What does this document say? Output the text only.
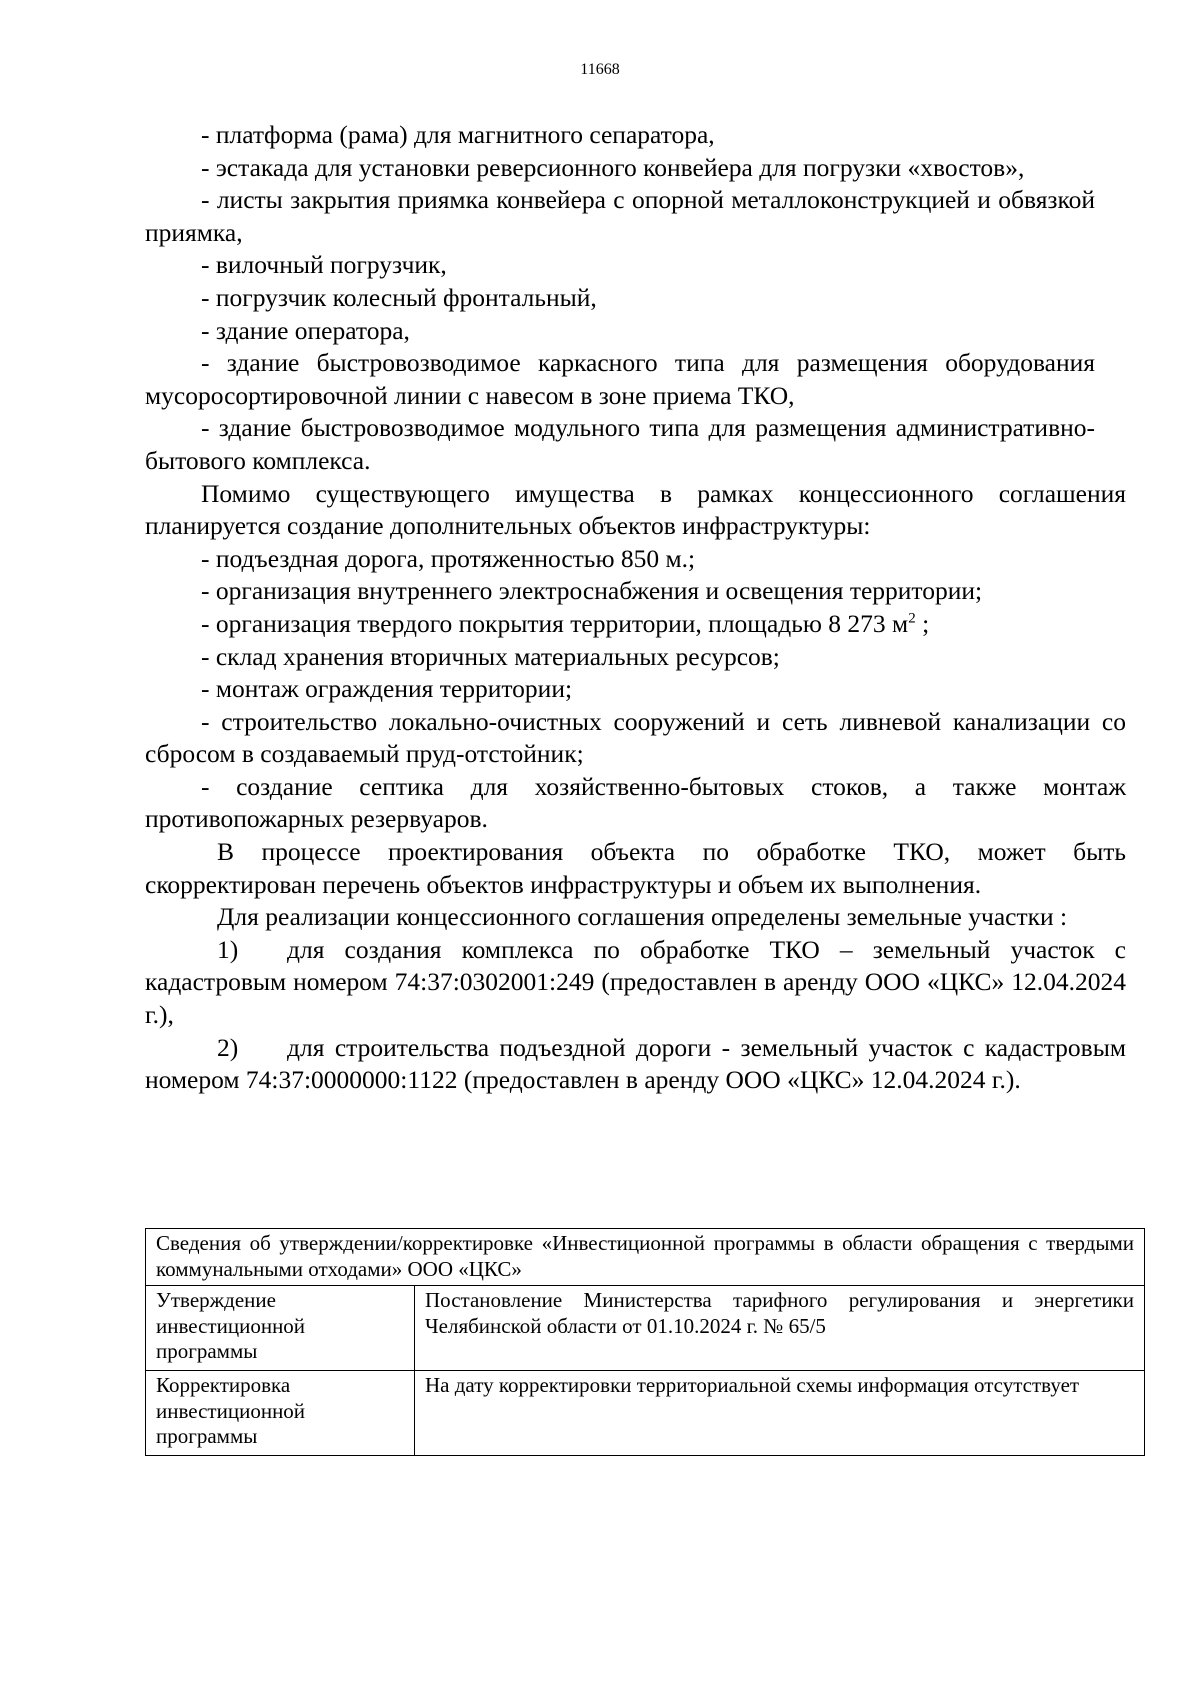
11668

- платформа (рама) для магнитного сепаратора,

- эстакада для установки реверсионного конвейера для погрузки «хвостов»,

- листы закрытия приямка конвейера с опорной металлоконструкцией и обвязкой приямка,

- вилочный погрузчик,

- погрузчик колесный фронтальный,

- здание оператора,

- здание быстровозводимое каркасного типа для размещения оборудования мусоросортировочной линии с навесом в зоне приема ТКО,

- здание быстровозводимое модульного типа для размещения административно-бытового комплекса.

Помимо существующего имущества в рамках концессионного соглашения планируется создание дополнительных объектов инфраструктуры:

- подъездная дорога, протяженностью 850 м.;

- организация внутреннего электроснабжения и освещения территории;

- организация твердого покрытия территории, площадью 8 273 $м^2$ ;

- склад хранения вторичных материальных ресурсов;

- монтаж ограждения территории;

- строительство локально-очистных сооружений и сеть ливневой канализации со сбросом в создаваемый пруд-отстойник;

- создание септика для хозяйственно-бытовых стоков, а также монтаж противопожарных резервуаров.

В процессе проектирования объекта по обработке ТКО, может быть скорректирован перечень объектов инфраструктуры и объем их выполнения.

Для реализации концессионного соглашения определены земельные участки :

1) для создания комплекса по обработке ТКО – земельный участок с кадастровым номером 74:37:0302001:249 (предоставлен в аренду ООО «ЦКС» 12.04.2024 г.),

2) для строительства подъездной дороги - земельный участок с кадастровым номером 74:37:0000000:1122 (предоставлен в аренду ООО «ЦКС» 12.04.2024 г.).

Сведения об утверждении/корректировке «Инвестиционной программы в области обращения с твердыми коммунальными отходами» ООО «ЦКС»	
Утверждение инвестиционной программы	Постановление Министерства тарифного регулирования и энергетики Челябинской области от 01.10.2024 г. № 65/5
Корректировка инвестиционной программы	На дату корректировки территориальной схемы информация отсутствует
